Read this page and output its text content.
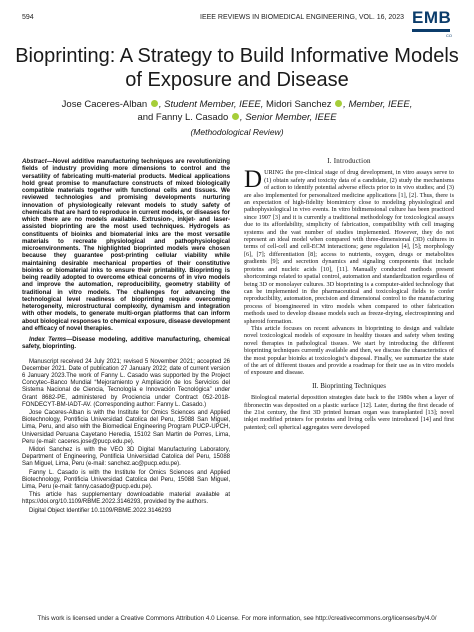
594	IEEE REVIEWS IN BIOMEDICAL ENGINEERING, VOL. 16, 2023 EMB
CO
Bioprinting: A Strategy to Build Informative Models of Exposure and Disease
Jose Caceres-Alban , Student Member, IEEE, Midori Sanchez , Member, IEEE,
and Fanny L. Casado , Senior Member, IEEE
(Methodological Review)

Abstract—Novel additive manufacturing techniques are revolutionizing fields of industry providing more dimensions to control and the versatility of fabricating multi-material products. Medical applications hold great promise to manufacture constructs of mixed biologically compatible materials together with functional cells and tissues. We reviewed technologies and promising developments nurturing innovation of physiologically relevant models to study safety of chemicals that are hard to reproduce in current models, or diseases for which there are no models available. Extrusion-, inkjet- and laser-assisted bioprinting are the most used techniques. Hydrogels as constituents of bioinks and biomaterial inks are the most versatile materials to recreate physiological and pathophysiological microenvironments. The highlighted bioprinted models were chosen because they guarantee post-printing cellular viability while maintaining desirable mechanical properties of their constitutive bioinks or biomaterial inks to ensure their printability. Bioprinting is being readily adopted to overcome ethical concerns of in vivo models and improve the automation, reproducibility, geometry stability of traditional in vitro models. The challenges for advancing the technological level readiness of bioprinting require overcoming heterogeneity, microstructural complexity, dynamism and integration with other models, to generate multi-organ platforms that can inform about biological responses to chemical exposure, disease development and efficacy of novel therapies.

Index Terms—Disease modeling, additive manufacturing, chemical safety, bioprinting.

Manuscript received 24 July 2021; revised 5 November 2021; accepted 26 December 2021. Date of publication 27 January 2022; date of current version 6 January 2023.The work of Fanny L. Casado was supported by the Project Concytec–Banco Mundial “Mejoramiento y Ampliación de los Servicios del Sistema Nacional de Ciencia, Tecnología e Innovación Tecnológica” under Grant 8682-PE, administered by Prociencia under Contract 052-2018-FONDECYT-BM-IADT-AV. (Corresponding author: Fanny L. Casado.)

Jose Caceres-Alban is with the Institute for Omics Sciences and Applied Biotechnology, Pontificia Universidad Catolica del Peru, 15088 San Miguel, Lima, Peru, and also with the Biomedical Engineering Program PUCP-UPCH, Universidad Peruana Cayetano Heredia, 15102 San Martin de Porres, Lima, Peru (e-mail: caceres.jose@pucp.edu.pe).

Midori Sanchez is with the VEO 3D Digital Manufacturing Laboratory, Department of Engineering, Pontificia Universidad Catolica del Peru, 15088 San Miguel, Lima, Peru (e-mail: sanchez.ac@pucp.edu.pe).

Fanny L. Casado is with the Institute for Omics Sciences and Applied Biotechnology, Pontificia Universidad Catolica del Peru, 15088 San Miguel, Lima, Peru (e-mail: fanny.casado@pucp.edu.pe).

This article has supplementary downloadable material available at https://doi.org/10.1109/RBME.2022.3146293, provided by the authors.

Digital Object Identifier 10.1109/RBME.2022.3146293

I. Introduction

DURING the pre-clinical stage of drug development, in vitro assays serve to (1) obtain safety and toxicity data of a candidate, (2) study the mechanisms of action to identify potential adverse effects prior to in vivo studies; and (3) are also implemented for personalized medicine applications [1], [2]. Thus, there is an expectation of high-fidelity biomimicry close to modeling physiological and pathophysiological in vivo events. In vitro bidimensional culture has been practiced since 1907 [3] and it is currently a traditional methodology for toxicological assays due to its affordability, simplicity of fabrication, compatibility with cell imaging systems and the vast number of studies implemented. However, they do not represent an ideal model when compared with three-dimensional (3D) cultures in terms of cell-cell and cell-ECM interactions; gene regulation [4], [5]; morphology [6], [7]; differentiation [8]; access to nutrients, oxygen, drugs or metabolites gradients [9]; and secretion dynamics and signaling components that include proteins and nucleic acids [10], [11]. Manually conducted methods present shortcomings related to spatial control, automation and standardization regardless of being 3D or monolayer cultures. 3D bioprinting is a computer-aided technology that can be implemented in the pharmaceutical and toxicological fields to confer reproducibility, automation, precision and dimensional control to the manufacturing process of bioengineered in vitro models when compared to other fabrication methods used to develop disease models such as freeze-drying, electrospinning and spheroid formation.

This article focuses on recent advances in bioprinting to design and validate novel toxicological models of exposure in healthy tissues and safety when testing novel therapies in pathological tissues. We start by introducing the different bioprinting techniques currently available and then, we discuss the characteristics of the most popular bioinks at toxicologist’s disposal. Finally, we summarize the state of the art of different tissues and provide a roadmap for their use as in vitro models of exposure and disease.

II. Bioprinting Techniques

Biological material deposition strategies date back to the 1980s when a layer of fibronectin was deposited on a plastic surface [12]. Later, during the first decade of the 21st century, the first 3D printed human organ was transplanted [13]; novel inkjet modified printers for proteins and living cells were introduced [14] and first patented; cell spherical aggregates were developed

This work is licensed under a Creative Commons Attribution 4.0 License. For more information, see http://creativecommons.org/licenses/by/4.0/
